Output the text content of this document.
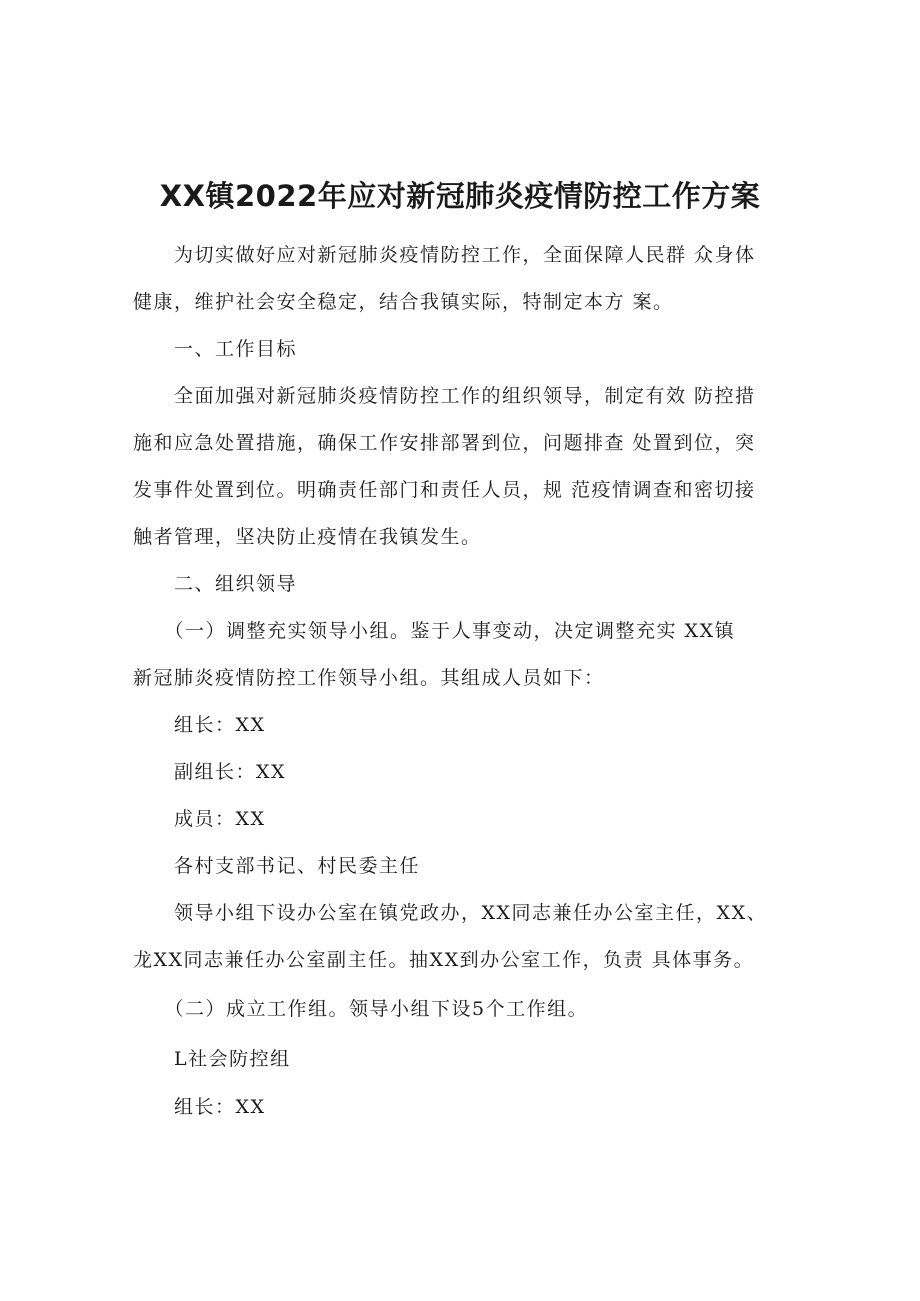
XX镇2022年应对新冠肺炎疫情防控工作方案

　　为切实做好应对新冠肺炎疫情防控工作，全面保障人民群 众身体
健康，维护社会安全稳定，结合我镇实际，特制定本方 案。

　　一、工作目标

　　全面加强对新冠肺炎疫情防控工作的组织领导，制定有效 防控措
施和应急处置措施，确保工作安排部署到位，问题排查 处置到位，突
发事件处置到位。明确责任部门和责任人员，规 范疫情调查和密切接
触者管理，坚决防止疫情在我镇发生。

　　二、组织领导

　　（一）调整充实领导小组。鉴于人事变动，决定调整充实 XX镇
新冠肺炎疫情防控工作领导小组。其组成人员如下：

　　组长：XX

　　副组长：XX

　　成员：XX

　　各村支部书记、村民委主任

　　领导小组下设办公室在镇党政办，XX同志兼任办公室主任，XX、
龙XX同志兼任办公室副主任。抽XX到办公室工作，负责 具体事务。

　　（二）成立工作组。领导小组下设5个工作组。

　　L社会防控组

　　组长：XX
